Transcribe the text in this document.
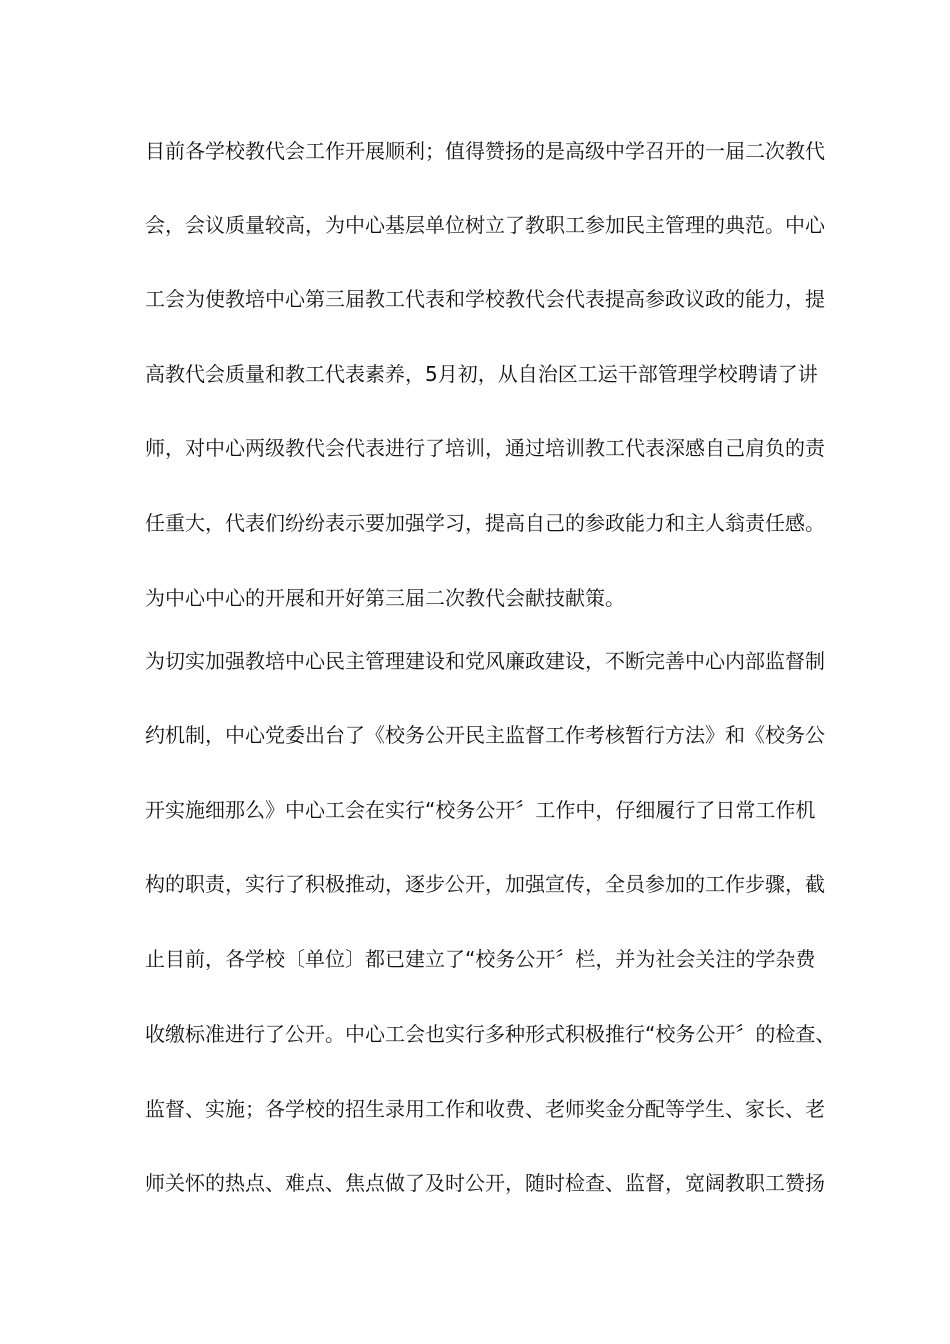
目前各学校教代会工作开展顺利；值得赞扬的是高级中学召开的一届二次教代

会，会议质量较高，为中心基层单位树立了教职工参加民主管理的典范。中心

工会为使教培中心第三届教工代表和学校教代会代表提高参政议政的能力，提

高教代会质量和教工代表素养，5月初，从自治区工运干部管理学校聘请了讲

师，对中心两级教代会代表进行了培训，通过培训教工代表深感自己肩负的责

任重大，代表们纷纷表示要加强学习，提高自己的参政能力和主人翁责任感。

为中心中心的开展和开好第三届二次教代会献技献策。

为切实加强教培中心民主管理建设和党风廉政建设，不断完善中心内部监督制

约机制，中心党委出台了《校务公开民主监督工作考核暂行方法》和《校务公

开实施细那么》中心工会在实行“校务公开〞工作中，仔细履行了日常工作机

构的职责，实行了积极推动，逐步公开，加强宣传，全员参加的工作步骤，截

止目前，各学校〔单位〕都已建立了“校务公开〞栏，并为社会关注的学杂费

收缴标准进行了公开。中心工会也实行多种形式积极推行“校务公开〞的检查、

监督、实施；各学校的招生录用工作和收费、老师奖金分配等学生、家长、老

师关怀的热点、难点、焦点做了及时公开，随时检查、监督，宽阔教职工赞扬
